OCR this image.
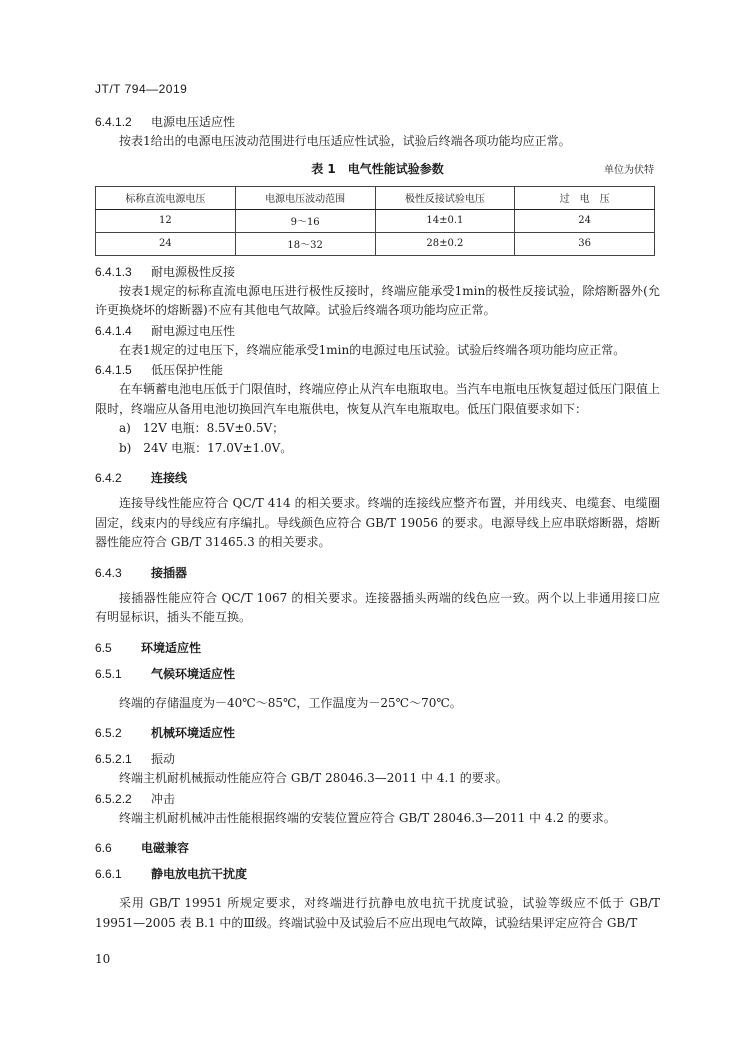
JT/T 794—2019
6.4.1.2 电源电压适应性

按表1给出的电源电压波动范围进行电压适应性试验，试验后终端各项功能均应正常。

表 1　电气性能试验参数	单位为伏特
标称直流电源电压	电源电压波动范围	极性反接试验电压	过　电　压
12	9～16	14±0.1	24
24	18～32	28±0.2	36
6.4.1.3 耐电源极性反接

按表1规定的标称直流电源电压进行极性反接时，终端应能承受1min的极性反接试验，除熔断器外(允许更换烧坏的熔断器)不应有其他电气故障。试验后终端各项功能均应正常。

6.4.1.4 耐电源过电压性

在表1规定的过电压下，终端应能承受1min的电源过电压试验。试验后终端各项功能均应正常。

6.4.1.5 低压保护性能

在车辆蓄电池电压低于门限值时，终端应停止从汽车电瓶取电。当汽车电瓶电压恢复超过低压门限值上限时，终端应从备用电池切换回汽车电瓶供电，恢复从汽车电瓶取电。低压门限值要求如下：

a)　12V 电瓶：8.5V±0.5V；
b)　24V 电瓶：17.0V±1.0V。
6.4.2 连接线

连接导线性能应符合 QC/T 414 的相关要求。终端的连接线应整齐布置，并用线夹、电缆套、电缆圈固定，线束内的导线应有序编扎。导线颜色应符合 GB/T 19056 的要求。电源导线上应串联熔断器，熔断器性能应符合 GB/T 31465.3 的相关要求。

6.4.3 接插器

接插器性能应符合 QC/T 1067 的相关要求。连接器插头两端的线色应一致。两个以上非通用接口应有明显标识，插头不能互换。

6.5 环境适应性
6.5.1 气候环境适应性

终端的存储温度为－40℃～85℃，工作温度为－25℃～70℃。

6.5.2 机械环境适应性
6.5.2.1 振动

终端主机耐机械振动性能应符合 GB/T 28046.3—2011 中 4.1 的要求。

6.5.2.2 冲击

终端主机耐机械冲击性能根据终端的安装位置应符合 GB/T 28046.3—2011 中 4.2 的要求。

6.6 电磁兼容
6.6.1 静电放电抗干扰度

采用 GB/T 19951 所规定要求，对终端进行抗静电放电抗干扰度试验，试验等级应不低于 GB/T 19951—2005 表 B.1 中的Ⅲ级。终端试验中及试验后不应出现电气故障，试验结果评定应符合 GB/T

10
